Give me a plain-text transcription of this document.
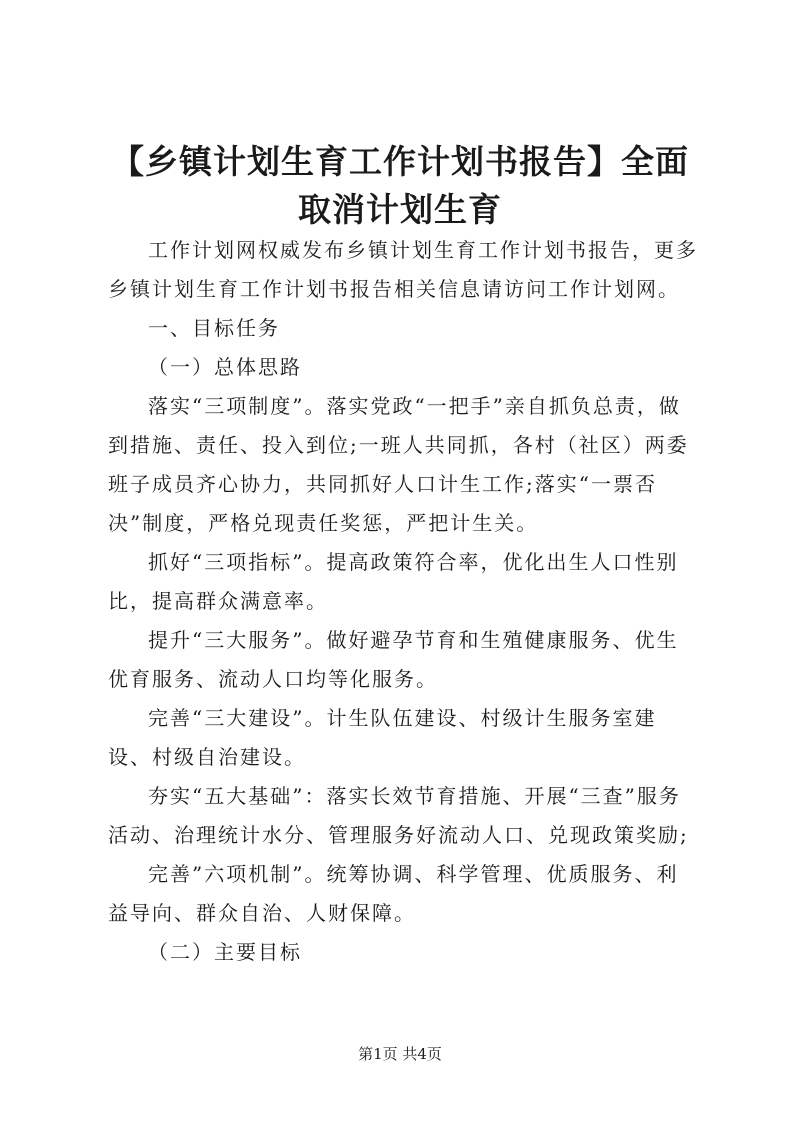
【乡镇计划生育工作计划书报告】全面取消计划生育

工作计划网权威发布乡镇计划生育工作计划书报告，更多乡镇计划生育工作计划书报告相关信息请访问工作计划网。

一、目标任务

（一）总体思路

落实“三项制度”。落实党政“一把手”亲自抓负总责，做到措施、责任、投入到位;一班人共同抓，各村（社区）两委班子成员齐心协力，共同抓好人口计生工作;落实“一票否决”制度，严格兑现责任奖惩，严把计生关。

抓好“三项指标”。提高政策符合率，优化出生人口性别比，提高群众满意率。

提升“三大服务”。做好避孕节育和生殖健康服务、优生优育服务、流动人口均等化服务。

完善“三大建设”。计生队伍建设、村级计生服务室建设、村级自治建设。

夯实“五大基础”：落实长效节育措施、开展“三查”服务活动、治理统计水分、管理服务好流动人口、兑现政策奖励;

完善”六项机制”。统筹协调、科学管理、优质服务、利益导向、群众自治、人财保障。

（二）主要目标

第1页 共4页
